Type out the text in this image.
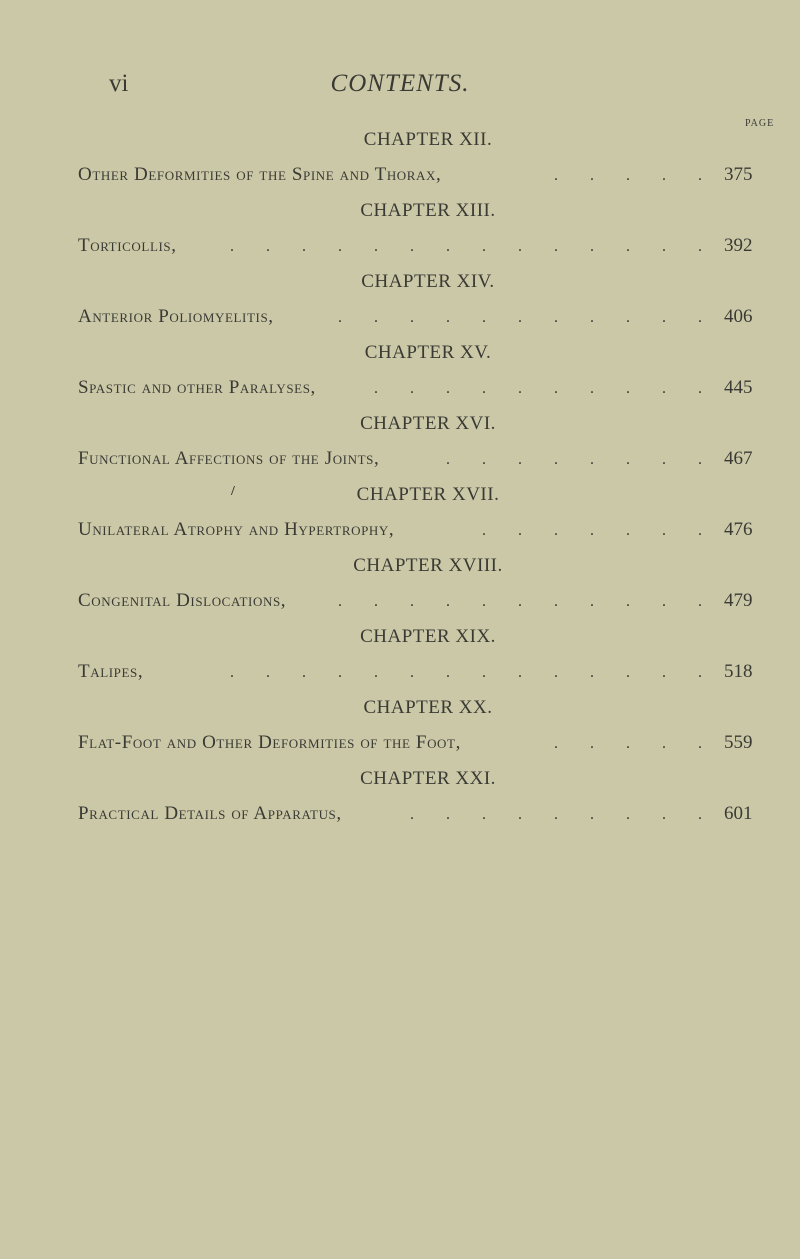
vi	CONTENTS.
PAGE
/
CHAPTER XII.
Other Deformities of the Spine and Thorax,	. . . . . 375
CHAPTER XIII.
Torticollis,	. . . . . . . . . . . . . . 392
CHAPTER XIV.
Anterior Poliomyelitis,	. . . . . . . . . . . 406
CHAPTER XV.
Spastic and other Paralyses,	. . . . . . . . . . 445
CHAPTER XVI.
Functional Affections of the Joints,	. . . . . . . . 467
CHAPTER XVII.
Unilateral Atrophy and Hypertrophy,	. . . . . . . 476
CHAPTER XVIII.
Congenital Dislocations,	. . . . . . . . . . . 479
CHAPTER XIX.
Talipes,	. . . . . . . . . . . . . . 518
CHAPTER XX.
Flat-Foot and Other Deformities of the Foot,	. . . . . 559
CHAPTER XXI.
Practical Details of Apparatus,	. . . . . . . . . 601
